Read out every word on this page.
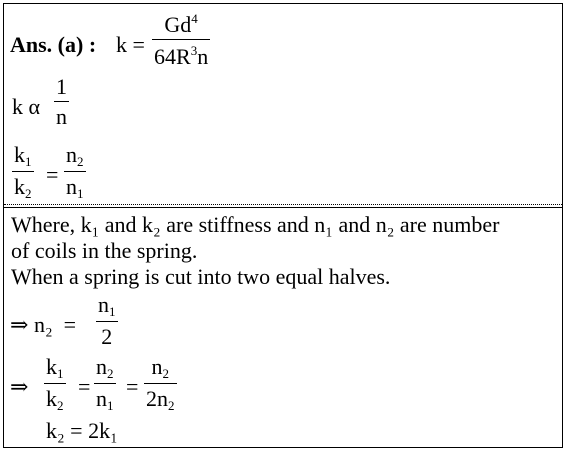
Ans. (a) : k =
$Gd^4$
$64R^3n$
k α
1
n
$k_1$
$k_2$
=
$n_2$
$n_1$
Where, k₁ and k₂ are stiffness and n₁ and n₂ are number
of coils in the spring.
When a spring is cut into two equal halves.
⇒ n₂ =
$n_1$
2
⇒
$k_1$
$k_2$
=
$n_2$
$n_1$
=
$n_2$
$2n_2$
k₂ = 2k₁
